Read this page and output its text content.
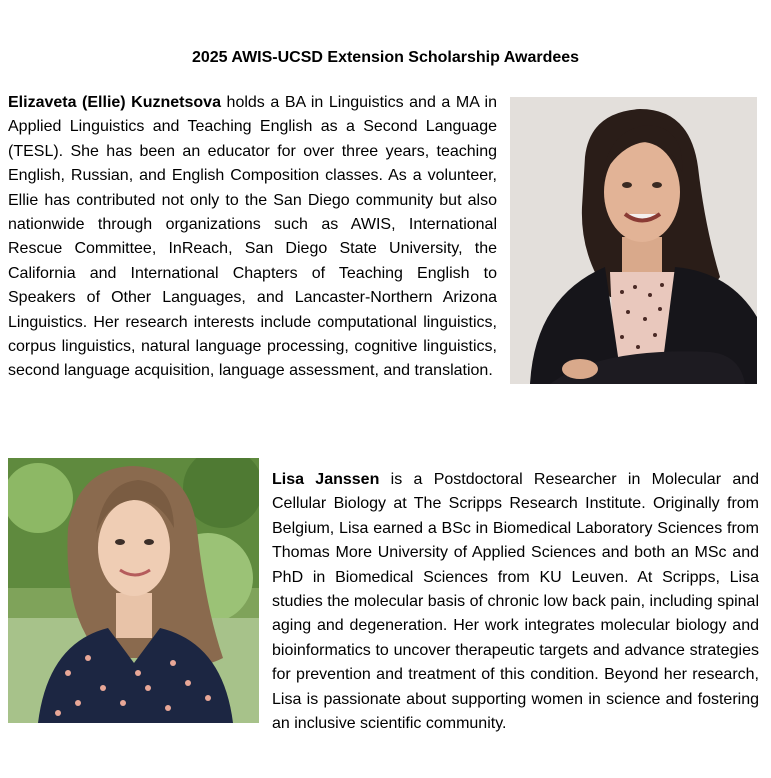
2025 AWIS-UCSD Extension Scholarship Awardees

Elizaveta (Ellie) Kuznetsova holds a BA in Linguistics and a MA in Applied Linguistics and Teaching English as a Second Language (TESL). She has been an educator for over three years, teaching English, Russian, and English Composition classes. As a volunteer, Ellie has contributed not only to the San Diego community but also nationwide through organizations such as AWIS, International Rescue Committee, InReach, San Diego State University, the California and International Chapters of Teaching English to Speakers of Other Languages, and Lancaster-Northern Arizona Linguistics. Her research interests include computational linguistics, corpus linguistics, natural language processing, cognitive linguistics, second language acquisition, language assessment, and translation.

Lisa Janssen is a Postdoctoral Researcher in Molecular and Cellular Biology at The Scripps Research Institute. Originally from Belgium, Lisa earned a BSc in Biomedical Laboratory Sciences from Thomas More University of Applied Sciences and both an MSc and PhD in Biomedical Sciences from KU Leuven. At Scripps, Lisa studies the molecular basis of chronic low back pain, including spinal aging and degeneration. Her work integrates molecular biology and bioinformatics to uncover therapeutic targets and advance strategies for prevention and treatment of this condition. Beyond her research, Lisa is passionate about supporting women in science and fostering an inclusive scientific community.
